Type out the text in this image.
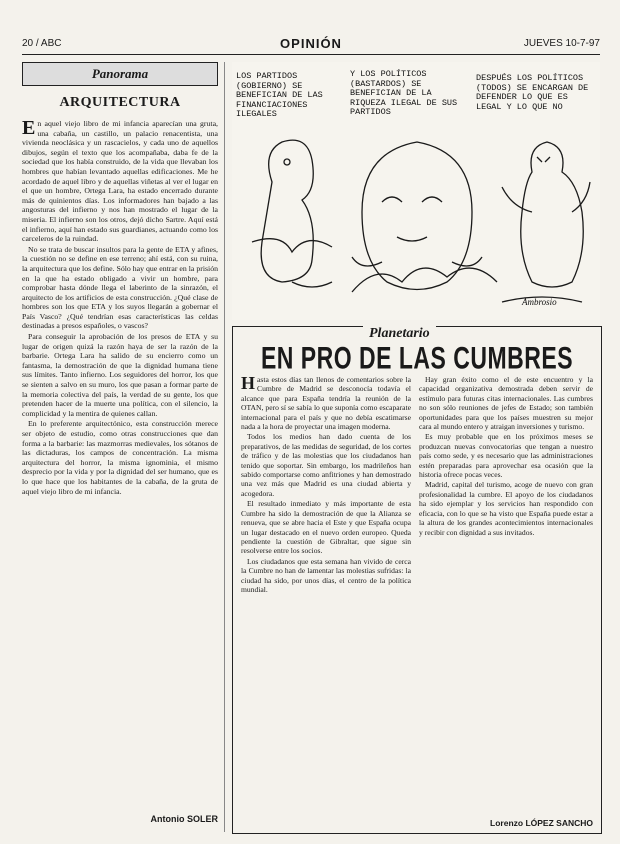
20 / ABC	OPINIÓN	JUEVES 10-7-97
Panorama
ARQUITECTURA

En aquel viejo libro de mi infancia aparecían una gruta, una cabaña, un castillo, un palacio renacentista, una vivienda neoclásica y un rascacielos, y cada uno de aquellos dibujos, según el texto que los acompañaba, daba fe de la sociedad que los había construido, de la vida que llevaban los hombres que habían levantado aquellas edificaciones. Me he acordado de aquel libro y de aquellas viñetas al ver el lugar en el que un hombre, Ortega Lara, ha estado encerrado durante más de quinientos días. Los informadores han bajado a las angosturas del infierno y nos han mostrado el lugar de la miseria. El infierno son los otros, dejó dicho Sartre. Aquí está el infierno, aquí han estado sus guardianes, actuando como los carceleros de la ruindad.

No se trata de buscar insultos para la gente de ETA y afines, la cuestión no se define en ese terreno; ahí está, con su ruina, la arquitectura que los define. Sólo hay que entrar en la prisión en la que ha estado obligado a vivir un hombre, para comprobar hasta dónde llega el laberinto de la sinrazón, el arquitecto de los artificios de esta construcción. ¿Qué clase de hombres son los que ETA y los suyos llegarán a gobernar el País Vasco? ¿Qué tendrían esas características las celdas destinadas a presos españoles, o vascos?

Para conseguir la aprobación de los presos de ETA y su lugar de origen quizá la razón haya de ser la razón de la barbarie. Ortega Lara ha salido de su encierro como un fantasma, la demostración de que la dignidad humana tiene sus límites. Tanto infierno. Los seguidores del horror, los que se sienten a salvo en su muro, los que pasan a formar parte de la memoria colectiva del país, la verdad de su gente, los que pretenden hacer de la muerte una política, con el silencio, la complicidad y la mentira de quienes callan.

En lo preferente arquitectónico, esta construcción merece ser objeto de estudio, como otras construcciones que dan forma a la barbarie: las mazmorras medievales, los sótanos de las dictaduras, los campos de concentración. La misma arquitectura del horror, la misma ignominia, el mismo desprecio por la vida y por la dignidad del ser humano, que es lo que hace que los habitantes de la cabaña, de la gruta de aquel viejo libro de mi infancia.

Antonio SOLER
LOS PARTIDOS (GOBIERNO) SE BENEFICIAN DE LAS FINANCIACIONES ILEGALES
Y LOS POLÍTICOS (BASTARDOS) SE BENEFICIAN DE LA RIQUEZA ILEGAL DE SUS PARTIDOS
DESPUÉS LOS POLÍTICOS (TODOS) SE ENCARGAN DE DEFENDER LO QUE ES LEGAL Y LO QUE NO
Ambrosio
Planetario
EN PRO DE LAS CUMBRES

Hasta estos días tan llenos de comentarios sobre la Cumbre de Madrid se desconocía todavía el alcance que para España tendría la reunión de la OTAN, pero sí se sabía lo que suponía como escaparate internacional para el país y que no debía escatimarse nada a la hora de proyectar una imagen moderna.

Todos los medios han dado cuenta de los preparativos, de las medidas de seguridad, de los cortes de tráfico y de las molestias que los ciudadanos han tenido que soportar. Sin embargo, los madrileños han sabido comportarse como anfitriones y han demostrado una vez más que Madrid es una ciudad abierta y acogedora.

El resultado inmediato y más importante de esta Cumbre ha sido la demostración de que la Alianza se renueva, que se abre hacia el Este y que España ocupa un lugar destacado en el nuevo orden europeo. Queda pendiente la cuestión de Gibraltar, que sigue sin resolverse entre los socios.

Los ciudadanos que esta semana han vivido de cerca la Cumbre no han de lamentar las molestias sufridas: la ciudad ha sido, por unos días, el centro de la política mundial.

Hay gran éxito como el de este encuentro y la capacidad organizativa demostrada deben servir de estímulo para futuras citas internacionales. Las cumbres no son sólo reuniones de jefes de Estado; son también oportunidades para que los países muestren su mejor cara al mundo entero y atraigan inversiones y turismo.

Es muy probable que en los próximos meses se produzcan nuevas convocatorias que tengan a nuestro país como sede, y es necesario que las administraciones estén preparadas para aprovechar esa ocasión que la historia ofrece pocas veces.

Madrid, capital del turismo, acoge de nuevo con gran profesionalidad la cumbre. El apoyo de los ciudadanos ha sido ejemplar y los servicios han respondido con eficacia, con lo que se ha visto que España puede estar a la altura de los grandes acontecimientos internacionales y recibir con dignidad a sus invitados.

Lorenzo LÓPEZ SANCHO
